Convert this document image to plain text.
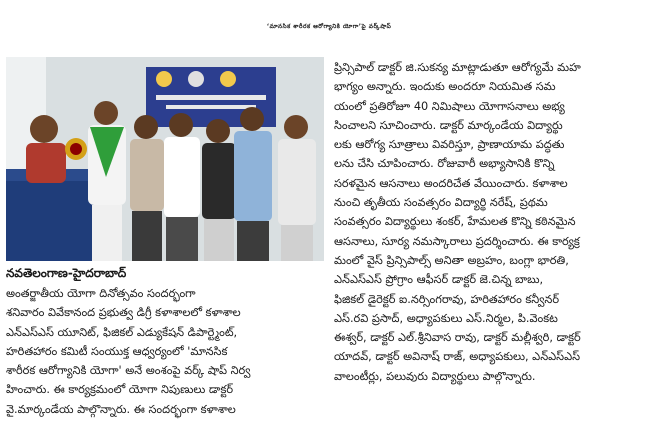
‘మానసిక శారీరక ఆరోగ్యానికి యోగా’పై వర్క్‌షాప్
నవతెలంగాణ-హైదరాబాద్
అంతర్జాతీయ యోగా దినోత్సవం సందర్భంగా
శనివారం వివేకానంద ప్రభుత్వ డిగ్రీ కళాశాలలో కళాశాల
ఎన్ఎస్ఎస్ యూనిట్, ఫిజికల్ ఎడ్యుకేషన్ డిపార్ట్మెంట్,
హరితహారం కమిటీ సంయుక్త ఆధ్వర్యంలో 'మానసిక
శారీరక ఆరోగ్యానికి యోగా' అనే అంశంపై వర్క్ షాప్ నిర్వ
హించారు. ఈ కార్యక్రమంలో యోగా నిపుణులు డాక్టర్
వై.మార్కండేయ పాల్గొన్నారు. ఈ సందర్భంగా కళాశాల
ప్రిన్సిపాల్ డాక్టర్ జి.సుకన్య మాట్లాడుతూ ఆరోగ్యమే మహ
భాగ్యం అన్నారు. ఇందుకు అందరూ నియమిత సమ
యంలో ప్రతిరోజూ 40 నిమిషాలు యోగాసనాలు అభ్య
సించాలని సూచించారు. డాక్టర్ మార్కండేయ విద్యార్థు
లకు ఆరోగ్య సూత్రాలు వివరిస్తూ, ప్రాణాయామ పద్ధతు
లను చేసి చూపించారు. రోజువారీ అభ్యాసానికి కొన్ని
సరళమైన ఆసనాలు అందరిచేత వేయించారు. కళాశాల
నుంచి తృతీయ సంవత్సరం విద్యార్థి నరేష్, ప్రథమ
సంవత్సరం విద్యార్థులు శంకర్, హేమలత కొన్ని కఠినమైన
ఆసనాలు, సూర్య నమస్కారాలు ప్రదర్శించారు. ఈ కార్యక్ర
మంలో వైస్ ప్రిన్సిపాల్స్ అనితా అబ్రహం, బంగ్లా భారతి,
ఎన్ఎస్ఎస్ ప్రోగ్రాం ఆఫీసర్ డాక్టర్ జె.చిన్న బాబు,
ఫిజికల్ డైరెక్టర్ ఐ.నర్సింగరావు, హరితహారం కన్వీనర్
ఎస్.రవి ప్రసాద్, అధ్యాపకులు ఎస్.నిర్మల, పి.వెంకట
ఈశ్వర్, డాక్టర్ ఎల్.శ్రీనివాస రావు, డాక్టర్ మల్లీశ్వరి, డాక్టర్
యాదవ్, డాక్టర్ అవినాష్ రాజ్, అధ్యాపకులు, ఎన్ఎస్ఎస్
వాలంటీర్లు, పలువురు విద్యార్థులు పాల్గొన్నారు.
